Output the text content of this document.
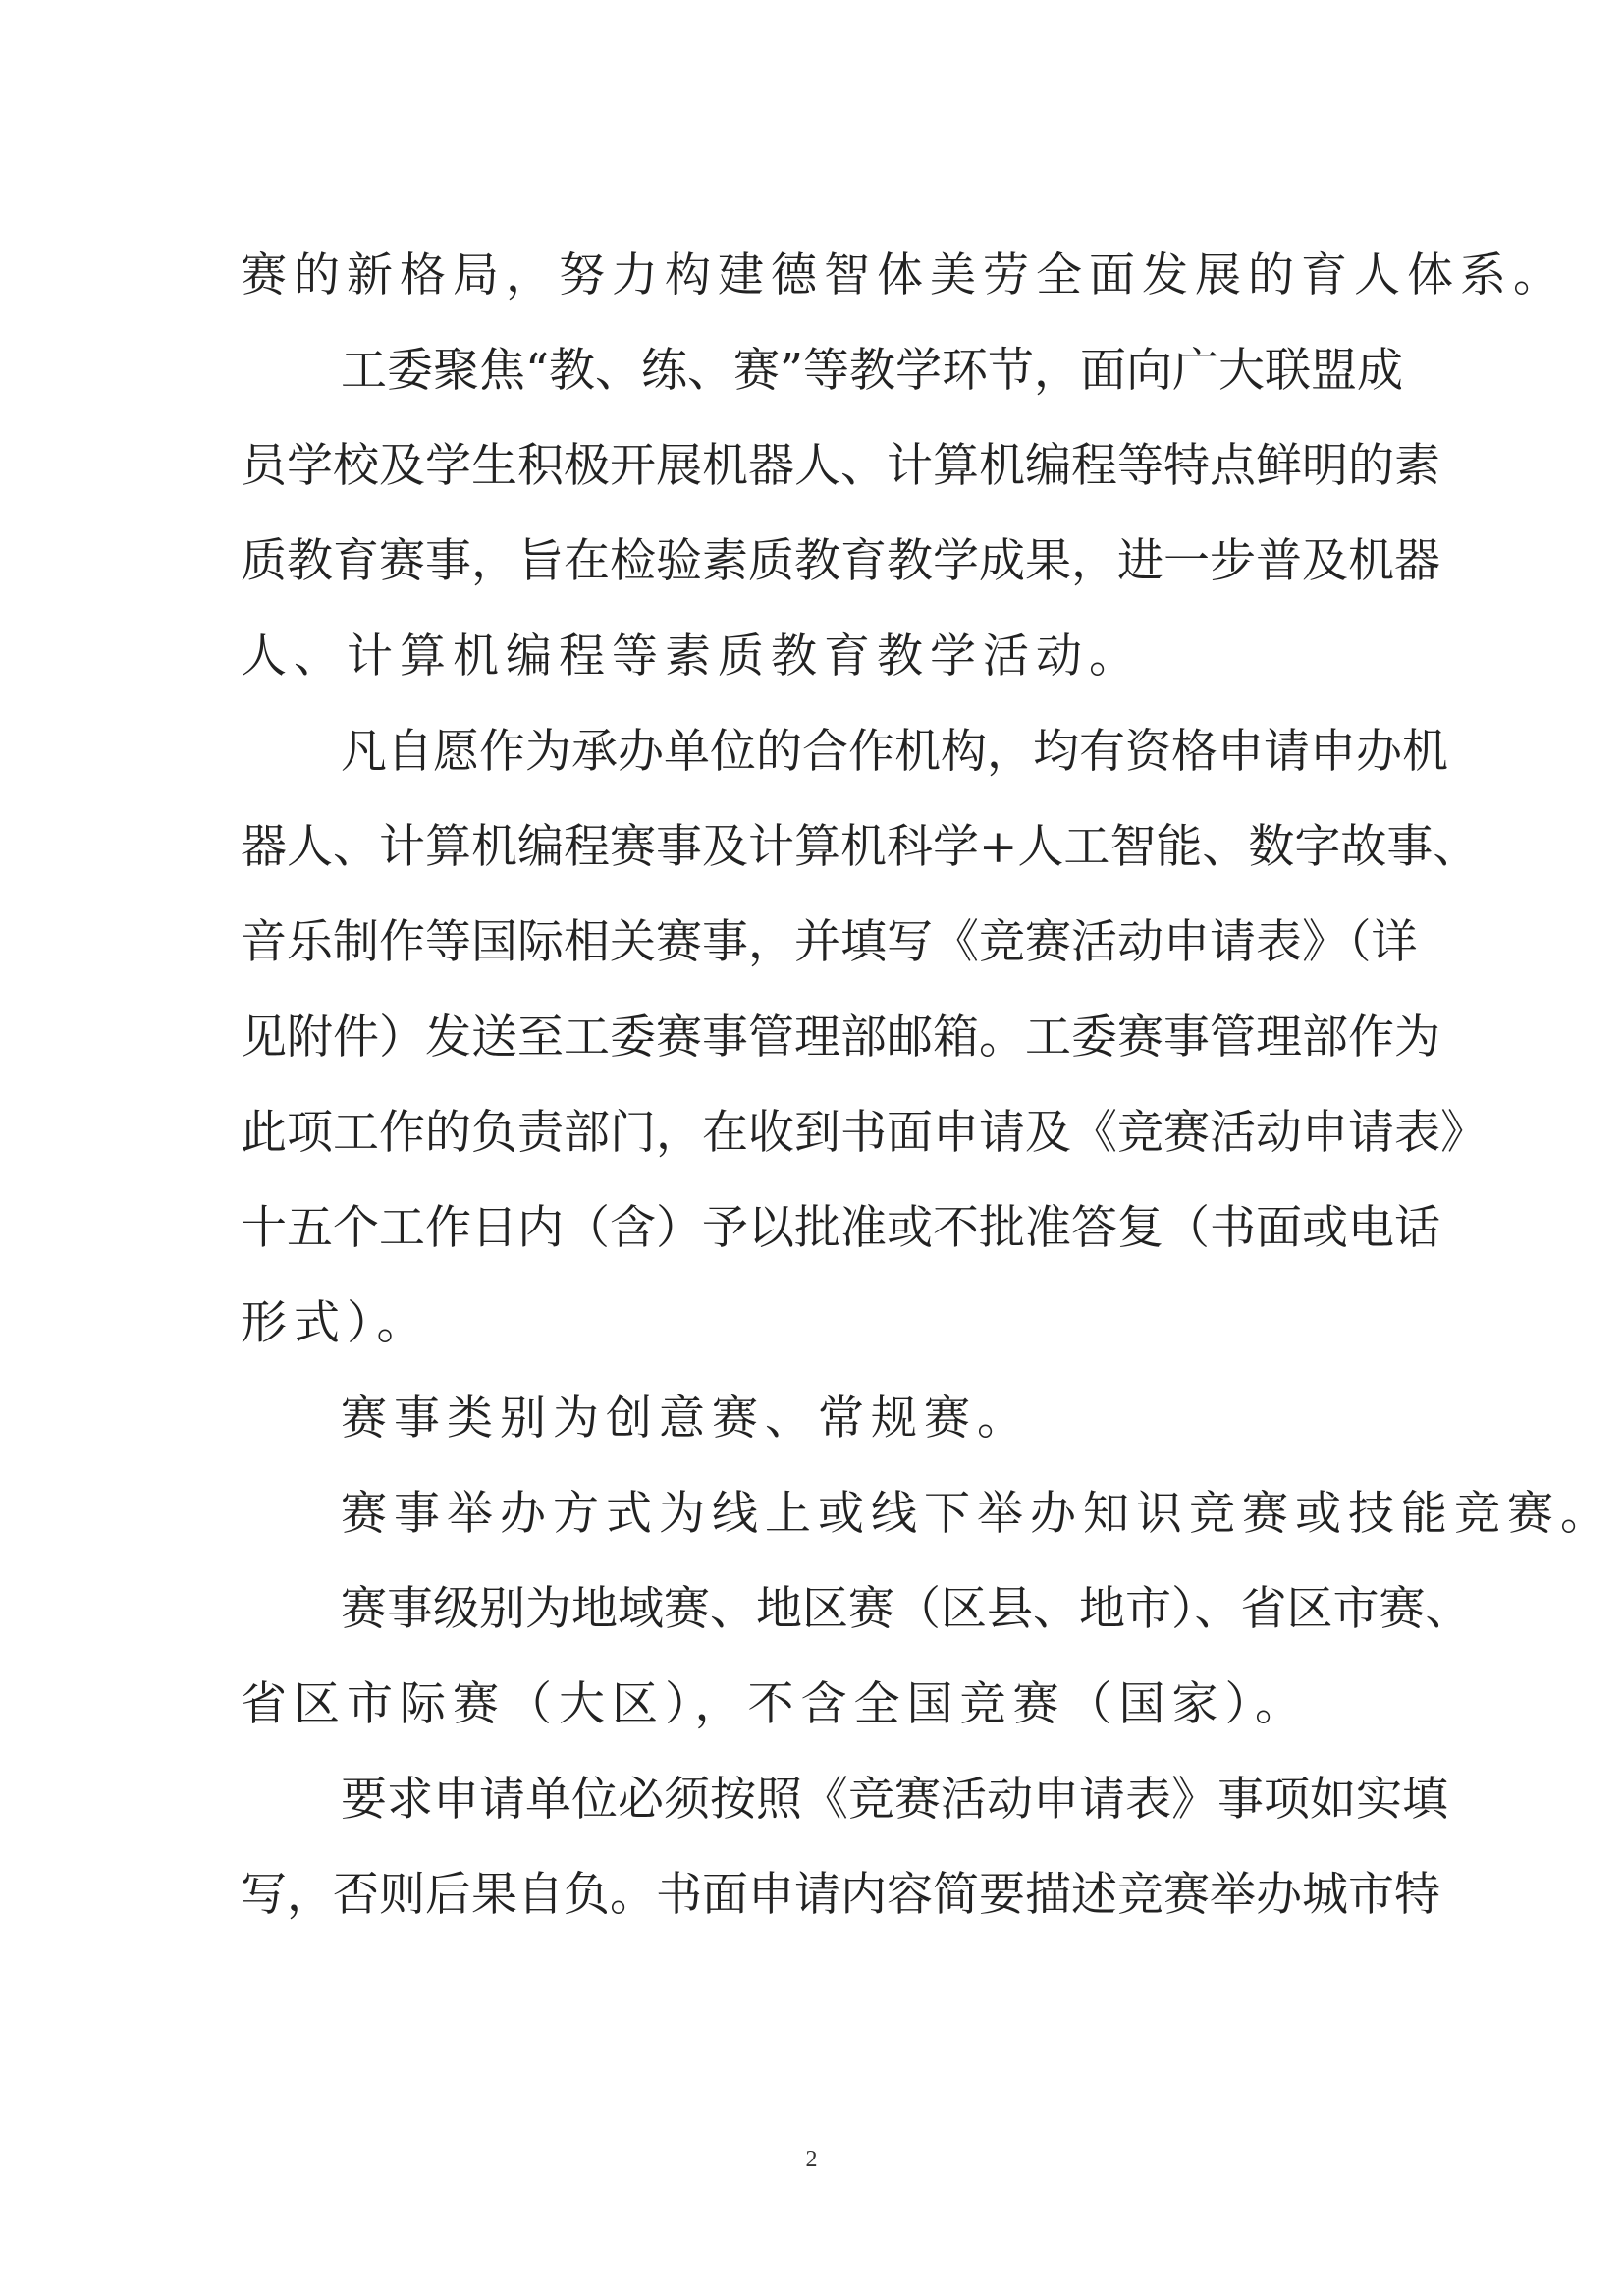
赛的新格局，努力构建德智体美劳全面发展的育人体系。

工委聚焦“教、练、赛”等教学环节，面向广大联盟成

员学校及学生积极开展机器人、计算机编程等特点鲜明的素

质教育赛事，旨在检验素质教育教学成果，进一步普及机器

人、计算机编程等素质教育教学活动。

凡自愿作为承办单位的合作机构，均有资格申请申办机

器人、计算机编程赛事及计算机科学+人工智能、数字故事、

音乐制作等国际相关赛事，并填写《竞赛活动申请表》（详

见附件）发送至工委赛事管理部邮箱。工委赛事管理部作为

此项工作的负责部门，在收到书面申请及《竞赛活动申请表》

十五个工作日内（含）予以批准或不批准答复（书面或电话

形式）。

赛事类别为创意赛、常规赛。

赛事举办方式为线上或线下举办知识竞赛或技能竞赛。

赛事级别为地域赛、地区赛（区县、地市）、省区市赛、

省区市际赛（大区），不含全国竞赛（国家）。

要求申请单位必须按照《竞赛活动申请表》事项如实填

写，否则后果自负。书面申请内容简要描述竞赛举办城市特

2
